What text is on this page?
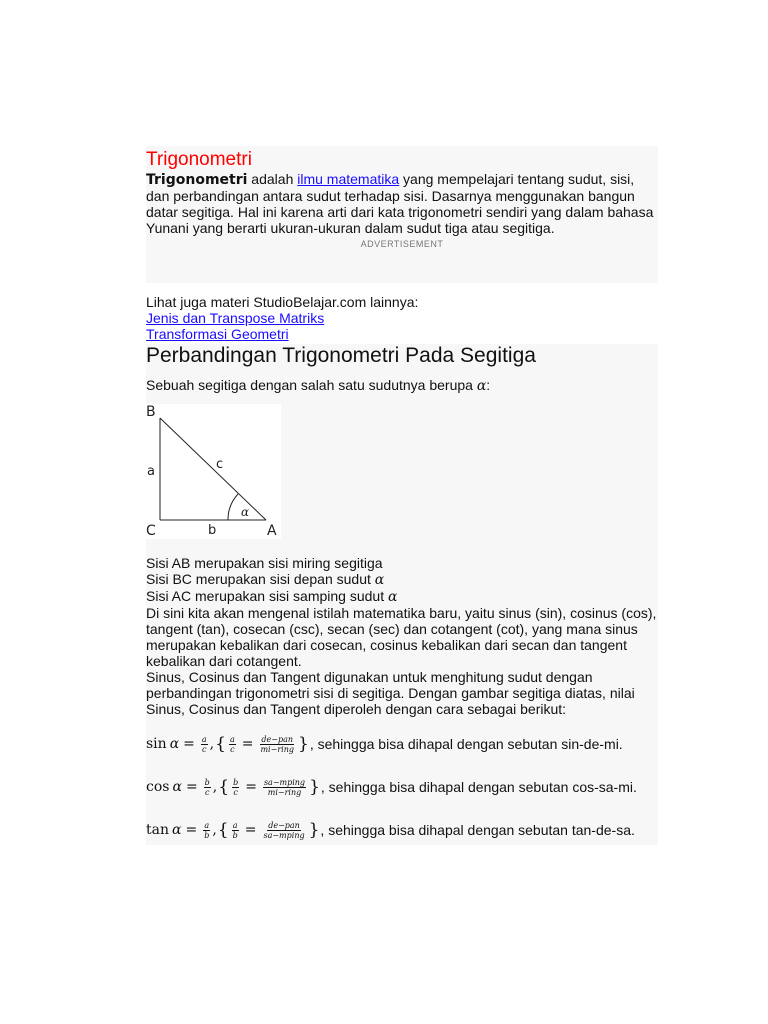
Trigonometri

Trigonometri adalah ilmu matematika yang mempelajari tentang sudut, sisi, dan perbandingan antara sudut terhadap sisi. Dasarnya menggunakan bangun datar segitiga. Hal ini karena arti dari kata trigonometri sendiri yang dalam bahasa Yunani yang berarti ukuran-ukuran dalam sudut tiga atau segitiga.

ADVERTISEMENT
Lihat juga materi StudioBelajar.com lainnya:
Jenis dan Transpose Matriks
Transformasi Geometri
Perbandingan Trigonometri Pada Segitiga

Sebuah segitiga dengan salah satu sudutnya berupa α:

B
a	c
α
C	b	A

Sisi AB merupakan sisi miring segitiga

Sisi BC merupakan sisi depan sudut α

Sisi AC merupakan sisi samping sudut α

Di sini kita akan mengenal istilah matematika baru, yaitu sinus (sin), cosinus (cos), tangent (tan), cosecan (csc), secan (sec) dan cotangent (cot), yang mana sinus merupakan kebalikan dari cosecan, cosinus kebalikan dari secan dan tangent kebalikan dari cotangent.

Sinus, Cosinus dan Tangent digunakan untuk menghitung sudut dengan perbandingan trigonometri sisi di segitiga. Dengan gambar segitiga diatas, nilai Sinus, Cosinus dan Tangent diperoleh dengan cara sebagai berikut:

$\sin \alpha = \frac{a}{c}$ , { $\frac{a}{c} = \frac{\text{de−pan}}{\text{mi−ring}}$ } , sehingga bisa dihapal dengan sebutan sin-de-mi.
$\cos \alpha = \frac{b}{c}$ , { $\frac{b}{c} = \frac{\text{sa−mping}}{\text{mi−ring}}$ } , sehingga bisa dihapal dengan sebutan cos-sa-mi.
$\tan \alpha = \frac{a}{b}$ , { $\frac{a}{b} = \frac{\text{de−pan}}{\text{sa−mping}}$ } , sehingga bisa dihapal dengan sebutan tan-de-sa.
